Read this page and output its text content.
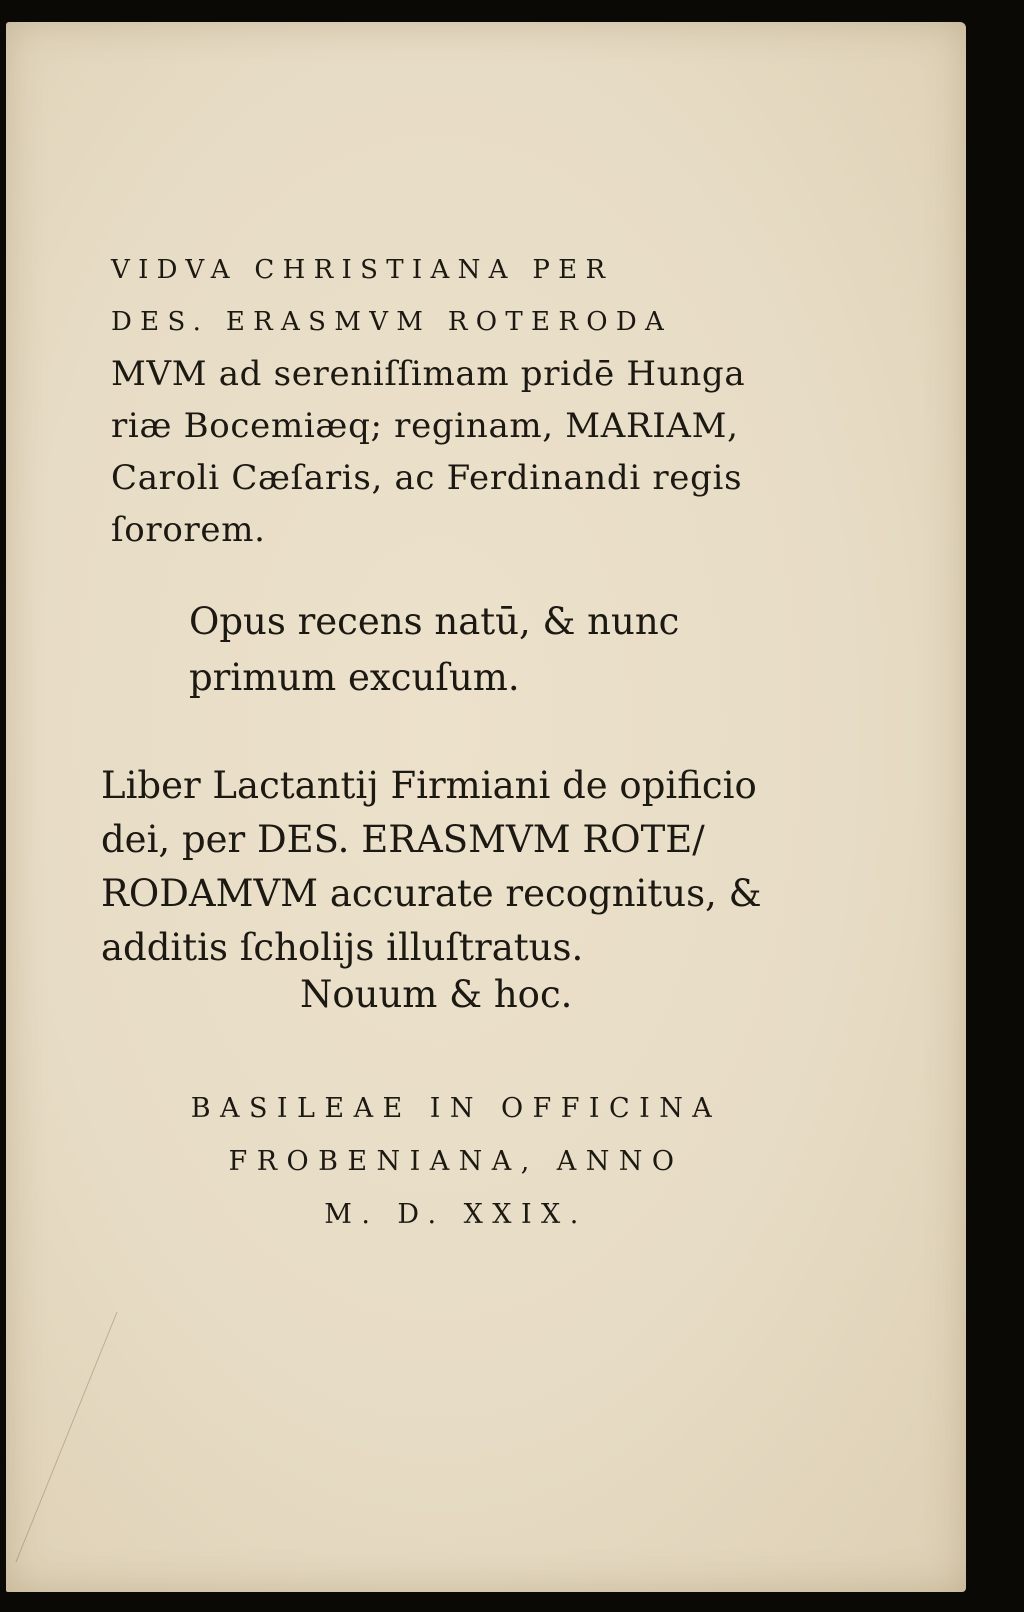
VIDVA CHRISTIANA PER
DES. ERASMVM ROTERODA
MVM ad sereniſſimam pridē Hunga
riæ Bocemiæq; reginam, MARIAM,
Caroli Cæſaris, ac Ferdinandi regis
ſororem.
Opus recens natū, & nunc
primum excuſum.
Liber Lactantij Firmiani de opificio
dei, per DES. ERASMVM ROTE/
RODAMVM accurate recognitus, &
additis ſcholijs illuſtratus.
Nouum & hoc.
BASILEAE IN OFFICINA
FROBENIANA, ANNO
M. D. XXIX.
